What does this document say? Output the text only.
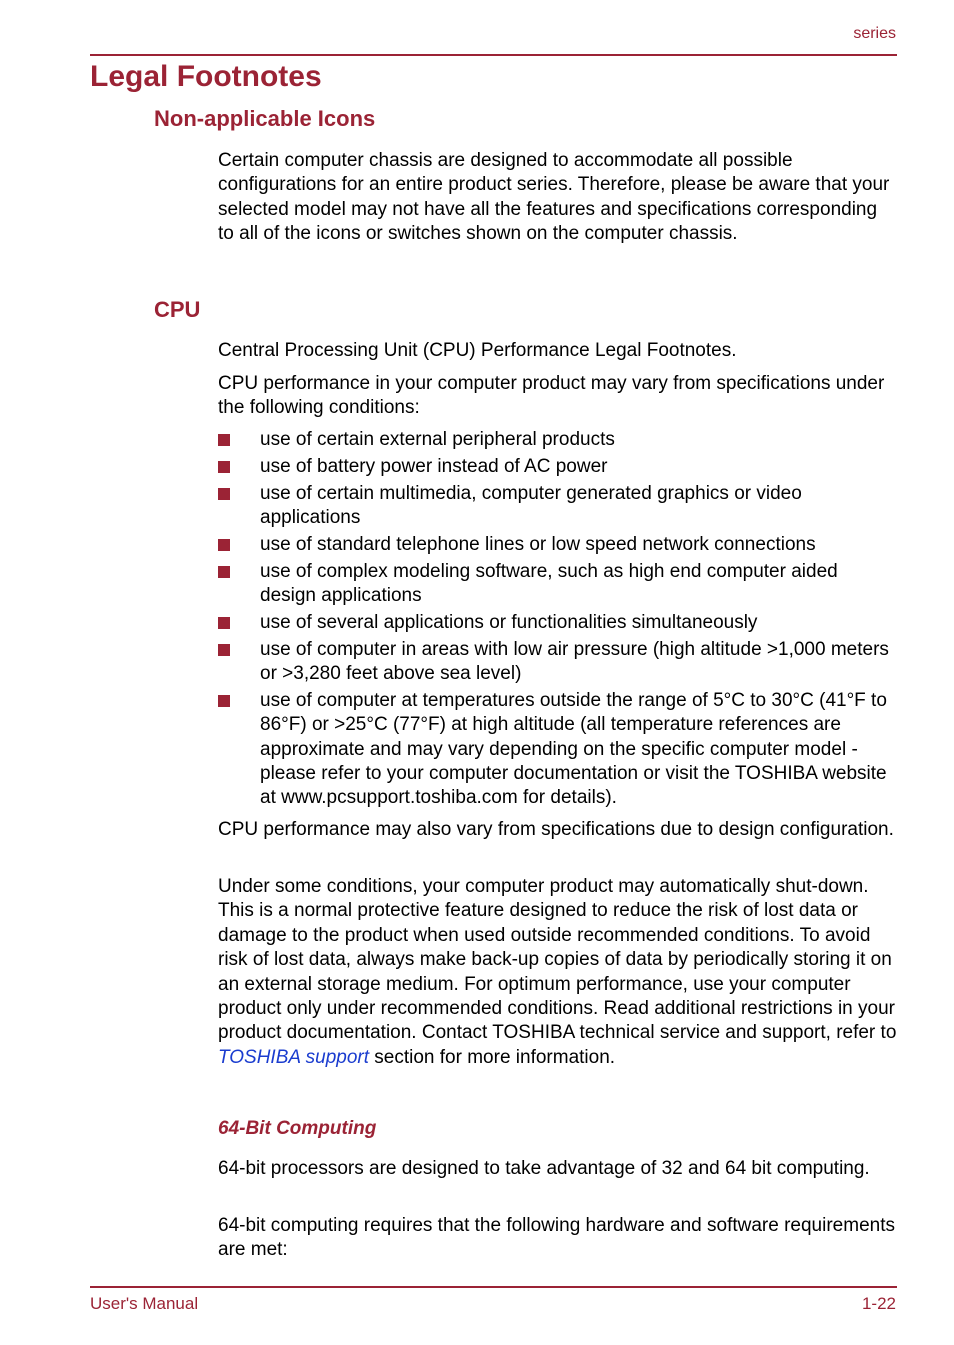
series
Legal Footnotes
Non-applicable Icons

Certain computer chassis are designed to accommodate all possible configurations for an entire product series. Therefore, please be aware that your selected model may not have all the features and specifications corresponding to all of the icons or switches shown on the computer chassis.

CPU

Central Processing Unit (CPU) Performance Legal Footnotes.

CPU performance in your computer product may vary from specifications under the following conditions:

use of certain external peripheral products
use of battery power instead of AC power
use of certain multimedia, computer generated graphics or video applications
use of standard telephone lines or low speed network connections
use of complex modeling software, such as high end computer aided design applications
use of several applications or functionalities simultaneously
use of computer in areas with low air pressure (high altitude >1,000 meters or >3,280 feet above sea level)
use of computer at temperatures outside the range of 5°C to 30°C (41°F to 86°F) or >25°C (77°F) at high altitude (all temperature references are approximate and may vary depending on the specific computer model - please refer to your computer documentation or visit the TOSHIBA website at www.pcsupport.toshiba.com for details).

CPU performance may also vary from specifications due to design configuration.

Under some conditions, your computer product may automatically shut-down. This is a normal protective feature designed to reduce the risk of lost data or damage to the product when used outside recommended conditions. To avoid risk of lost data, always make back-up copies of data by periodically storing it on an external storage medium. For optimum performance, use your computer product only under recommended conditions. Read additional restrictions in your product documentation. Contact TOSHIBA technical service and support, refer to TOSHIBA support section for more information.

64-Bit Computing

64-bit processors are designed to take advantage of 32 and 64 bit computing.

64-bit computing requires that the following hardware and software requirements are met:

User's Manual	1-22
